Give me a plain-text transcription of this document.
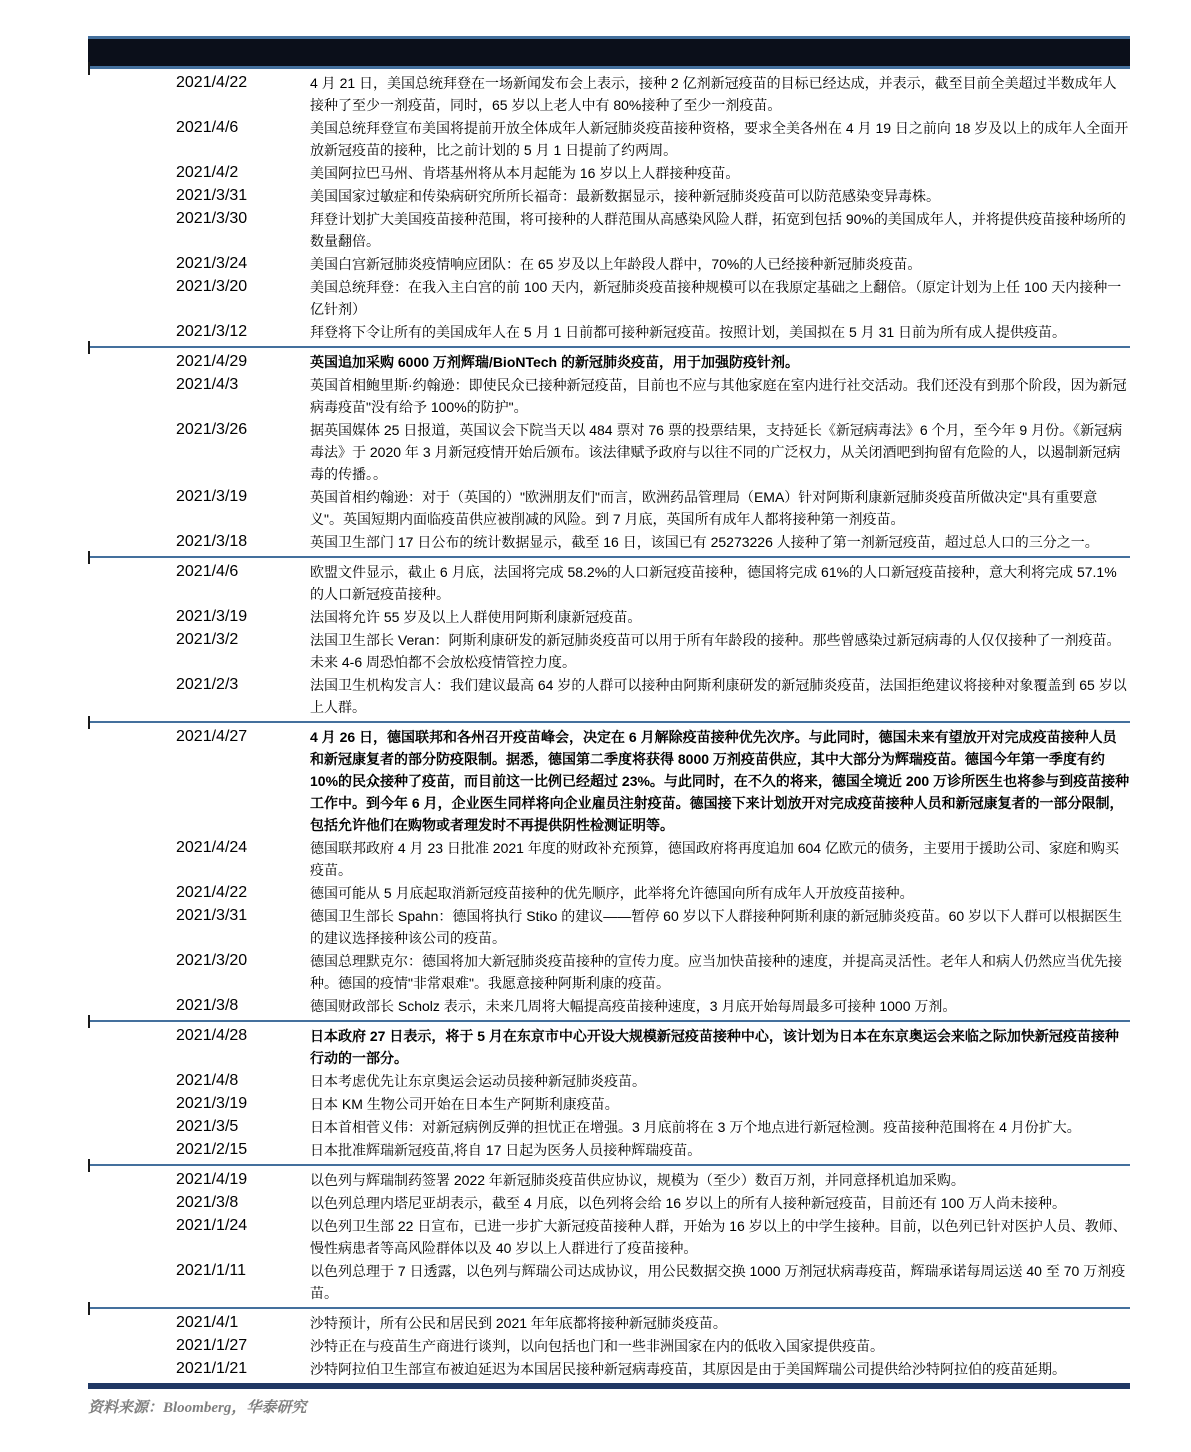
2021/4/22	4 月 21 日，美国总统拜登在一场新闻发布会上表示，接种 2 亿剂新冠疫苗的目标已经达成，并表示，截至目前全美超过半数成年人接种了至少一剂疫苗，同时，65 岁以上老人中有 80%接种了至少一剂疫苗。
2021/4/6	美国总统拜登宣布美国将提前开放全体成年人新冠肺炎疫苗接种资格，要求全美各州在 4 月 19 日之前向 18 岁及以上的成年人全面开放新冠疫苗的接种，比之前计划的 5 月 1 日提前了约两周。
2021/4/2	美国阿拉巴马州、肯塔基州将从本月起能为 16 岁以上人群接种疫苗。
2021/3/31	美国国家过敏症和传染病研究所所长福奇：最新数据显示，接种新冠肺炎疫苗可以防范感染变异毒株。
2021/3/30	拜登计划扩大美国疫苗接种范围，将可接种的人群范围从高感染风险人群，拓宽到包括 90%的美国成年人，并将提供疫苗接种场所的数量翻倍。
2021/3/24	美国白宫新冠肺炎疫情响应团队：在 65 岁及以上年龄段人群中，70%的人已经接种新冠肺炎疫苗。
2021/3/20	美国总统拜登：在我入主白宫的前 100 天内，新冠肺炎疫苗接种规模可以在我原定基础之上翻倍。（原定计划为上任 100 天内接种一亿针剂）
2021/3/12	拜登将下令让所有的美国成年人在 5 月 1 日前都可接种新冠疫苗。按照计划，美国拟在 5 月 31 日前为所有成人提供疫苗。
2021/4/29	英国追加采购 6000 万剂辉瑞/BioNTech 的新冠肺炎疫苗，用于加强防疫针剂。
2021/4/3	英国首相鲍里斯·约翰逊：即使民众已接种新冠疫苗，目前也不应与其他家庭在室内进行社交活动。我们还没有到那个阶段，因为新冠病毒疫苗"没有给予 100%的防护"。
2021/3/26	据英国媒体 25 日报道，英国议会下院当天以 484 票对 76 票的投票结果，支持延长《新冠病毒法》6 个月，至今年 9 月份。《新冠病毒法》于 2020 年 3 月新冠疫情开始后颁布。该法律赋予政府与以往不同的广泛权力，从关闭酒吧到拘留有危险的人，以遏制新冠病毒的传播。。
2021/3/19	英国首相约翰逊：对于（英国的）"欧洲朋友们"而言，欧洲药品管理局（EMA）针对阿斯利康新冠肺炎疫苗所做决定"具有重要意义"。英国短期内面临疫苗供应被削减的风险。到 7 月底，英国所有成年人都将接种第一剂疫苗。
2021/3/18	英国卫生部门 17 日公布的统计数据显示，截至 16 日，该国已有 25273226 人接种了第一剂新冠疫苗，超过总人口的三分之一。
2021/4/6	欧盟文件显示，截止 6 月底，法国将完成 58.2%的人口新冠疫苗接种，德国将完成 61%的人口新冠疫苗接种，意大利将完成 57.1%的人口新冠疫苗接种。
2021/3/19	法国将允许 55 岁及以上人群使用阿斯利康新冠疫苗。
2021/3/2	法国卫生部长 Veran：阿斯利康研发的新冠肺炎疫苗可以用于所有年龄段的接种。那些曾感染过新冠病毒的人仅仅接种了一剂疫苗。未来 4-6 周恐怕都不会放松疫情管控力度。
2021/2/3	法国卫生机构发言人：我们建议最高 64 岁的人群可以接种由阿斯利康研发的新冠肺炎疫苗，法国拒绝建议将接种对象覆盖到 65 岁以上人群。
2021/4/27	4 月 26 日，德国联邦和各州召开疫苗峰会，决定在 6 月解除疫苗接种优先次序。与此同时，德国未来有望放开对完成疫苗接种人员和新冠康复者的部分防疫限制。据悉，德国第二季度将获得 8000 万剂疫苗供应，其中大部分为辉瑞疫苗。德国今年第一季度有约 10%的民众接种了疫苗，而目前这一比例已经超过 23%。与此同时，在不久的将来，德国全境近 200 万诊所医生也将参与到疫苗接种工作中。到今年 6 月，企业医生同样将向企业雇员注射疫苗。德国接下来计划放开对完成疫苗接种人员和新冠康复者的一部分限制，包括允许他们在购物或者理发时不再提供阴性检测证明等。
2021/4/24	德国联邦政府 4 月 23 日批准 2021 年度的财政补充预算，德国政府将再度追加 604 亿欧元的债务，主要用于援助公司、家庭和购买疫苗。
2021/4/22	德国可能从 5 月底起取消新冠疫苗接种的优先顺序，此举将允许德国向所有成年人开放疫苗接种。
2021/3/31	德国卫生部长 Spahn：德国将执行 Stiko 的建议——暂停 60 岁以下人群接种阿斯利康的新冠肺炎疫苗。60 岁以下人群可以根据医生的建议选择接种该公司的疫苗。
2021/3/20	德国总理默克尔：德国将加大新冠肺炎疫苗接种的宣传力度。应当加快苗接种的速度，并提高灵活性。老年人和病人仍然应当优先接种。德国的疫情"非常艰难"。我愿意接种阿斯利康的疫苗。
2021/3/8	德国财政部长 Scholz 表示，未来几周将大幅提高疫苗接种速度，3 月底开始每周最多可接种 1000 万剂。
2021/4/28	日本政府 27 日表示，将于 5 月在东京市中心开设大规模新冠疫苗接种中心，该计划为日本在东京奥运会来临之际加快新冠疫苗接种行动的一部分。
2021/4/8	日本考虑优先让东京奥运会运动员接种新冠肺炎疫苗。
2021/3/19	日本 KM 生物公司开始在日本生产阿斯利康疫苗。
2021/3/5	日本首相菅义伟：对新冠病例反弹的担忧正在增强。3 月底前将在 3 万个地点进行新冠检测。疫苗接种范围将在 4 月份扩大。
2021/2/15	日本批准辉瑞新冠疫苗,将自 17 日起为医务人员接种辉瑞疫苗。
2021/4/19	以色列与辉瑞制药签署 2022 年新冠肺炎疫苗供应协议，规模为（至少）数百万剂，并同意择机追加采购。
2021/3/8	以色列总理内塔尼亚胡表示，截至 4 月底，以色列将会给 16 岁以上的所有人接种新冠疫苗，目前还有 100 万人尚未接种。
2021/1/24	以色列卫生部 22 日宣布，已进一步扩大新冠疫苗接种人群，开始为 16 岁以上的中学生接种。目前，以色列已针对医护人员、教师、慢性病患者等高风险群体以及 40 岁以上人群进行了疫苗接种。
2021/1/11	以色列总理于 7 日透露，以色列与辉瑞公司达成协议，用公民数据交换 1000 万剂冠状病毒疫苗，辉瑞承诺每周运送 40 至 70 万剂疫苗。
2021/4/1	沙特预计，所有公民和居民到 2021 年年底都将接种新冠肺炎疫苗。
2021/1/27	沙特正在与疫苗生产商进行谈判，以向包括也门和一些非洲国家在内的低收入国家提供疫苗。
2021/1/21	沙特阿拉伯卫生部宣布被迫延迟为本国居民接种新冠病毒疫苗，其原因是由于美国辉瑞公司提供给沙特阿拉伯的疫苗延期。
资料来源：Bloomberg，华泰研究
